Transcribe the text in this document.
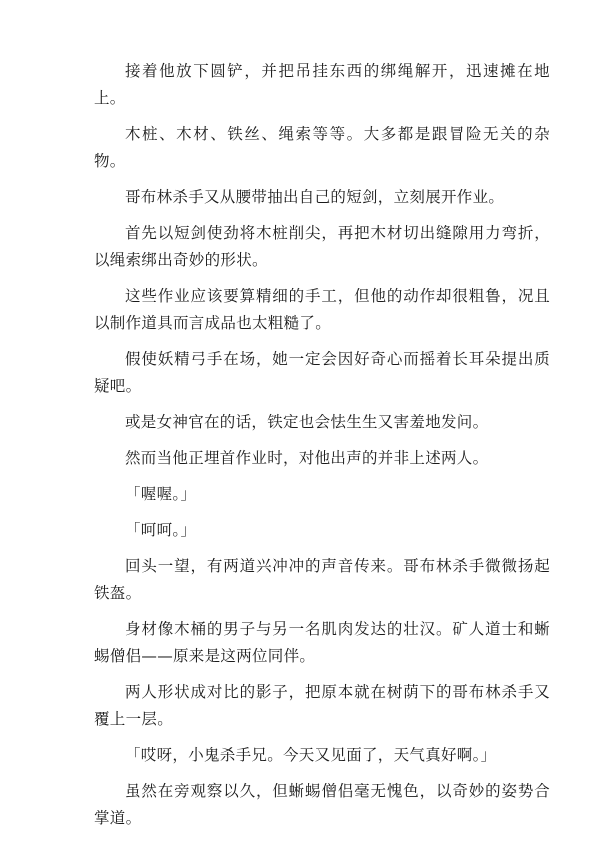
接着他放下圆铲，并把吊挂东西的绑绳解开，迅速摊在地上。

木桩、木材、铁丝、绳索等等。大多都是跟冒险无关的杂物。

哥布林杀手又从腰带抽出自己的短剑，立刻展开作业。

首先以短剑使劲将木桩削尖，再把木材切出缝隙用力弯折，以绳索绑出奇妙的形状。

这些作业应该要算精细的手工，但他的动作却很粗鲁，况且以制作道具而言成品也太粗糙了。

假使妖精弓手在场，她一定会因好奇心而摇着长耳朵提出质疑吧。

或是女神官在的话，铁定也会怯生生又害羞地发问。

然而当他正埋首作业时，对他出声的并非上述两人。

「喔喔。」

「呵呵。」

回头一望，有两道兴冲冲的声音传来。哥布林杀手微微扬起铁盔。

身材像木桶的男子与另一名肌肉发达的壮汉。矿人道士和蜥蜴僧侣——原来是这两位同伴。

两人形状成对比的影子，把原本就在树荫下的哥布林杀手又覆上一层。

「哎呀，小鬼杀手兄。今天又见面了，天气真好啊。」

虽然在旁观察以久，但蜥蜴僧侣毫无愧色，以奇妙的姿势合掌道。
